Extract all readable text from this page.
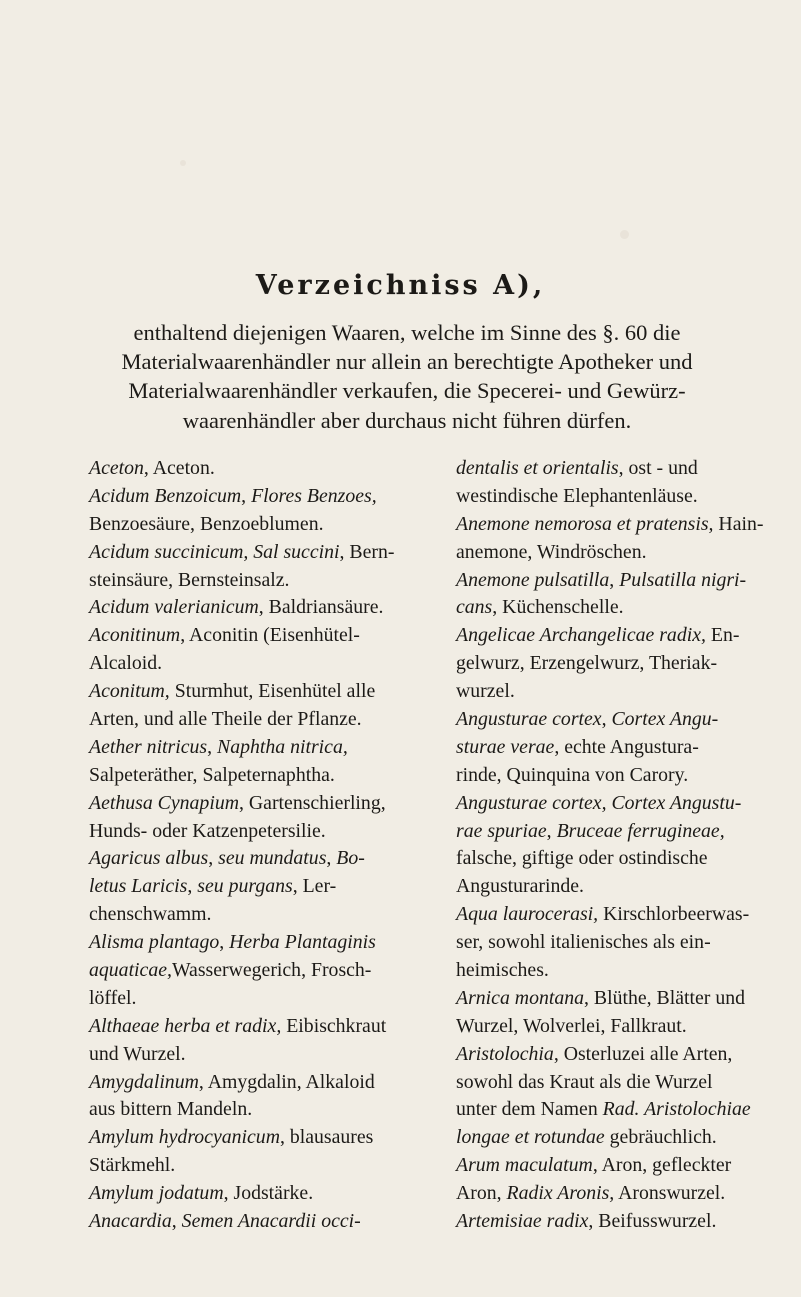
Verzeichniss A),
enthaltend diejenigen Waaren, welche im Sinne des §. 60 die
Materialwaarenhändler nur allein an berechtigte Apotheker und
Materialwaarenhändler verkaufen, die Specerei- und Gewürz-
waarenhändler aber durchaus nicht führen dürfen.
Aceton, Aceton.
Acidum Benzoicum, Flores Benzoes,
Benzoesäure, Benzoeblumen.
Acidum succinicum, Sal succini, Bern-
steinsäure, Bernsteinsalz.
Acidum valerianicum, Baldriansäure.
Aconitinum, Aconitin (Eisenhütel-
Alcaloid.
Aconitum, Sturmhut, Eisenhütel alle
Arten, und alle Theile der Pflanze.
Aether nitricus, Naphtha nitrica,
Salpeteräther, Salpeternaphtha.
Aethusa Cynapium, Gartenschierling,
Hunds- oder Katzenpetersilie.
Agaricus albus, seu mundatus, Bo-
letus Laricis, seu purgans, Ler-
chenschwamm.
Alisma plantago, Herba Plantaginis
aquaticae,Wasserwegerich, Frosch-
löffel.
Althaeae herba et radix, Eibischkraut
und Wurzel.
Amygdalinum, Amygdalin, Alkaloid
aus bittern Mandeln.
Amylum hydrocyanicum, blausaures
Stärkmehl.
Amylum jodatum, Jodstärke.
Anacardia, Semen Anacardii occi-
dentalis et orientalis, ost - und
westindische Elephantenläuse.
Anemone nemorosa et pratensis, Hain-
anemone, Windröschen.
Anemone pulsatilla, Pulsatilla nigri-
cans, Küchenschelle.
Angelicae Archangelicae radix, En-
gelwurz, Erzengelwurz, Theriak-
wurzel.
Angusturae cortex, Cortex Angu-
sturae verae, echte Angustura-
rinde, Quinquina von Carory.
Angusturae cortex, Cortex Angustu-
rae spuriae, Bruceae ferrugineae,
falsche, giftige oder ostindische
Angusturarinde.
Aqua laurocerasi, Kirschlorbeerwas-
ser, sowohl italienisches als ein-
heimisches.
Arnica montana, Blüthe, Blätter und
Wurzel, Wolverlei, Fallkraut.
Aristolochia, Osterluzei alle Arten,
sowohl das Kraut als die Wurzel
unter dem Namen Rad. Aristolochiae
longae et rotundae gebräuchlich.
Arum maculatum, Aron, gefleckter
Aron, Radix Aronis, Aronswurzel.
Artemisiae radix, Beifusswurzel.
